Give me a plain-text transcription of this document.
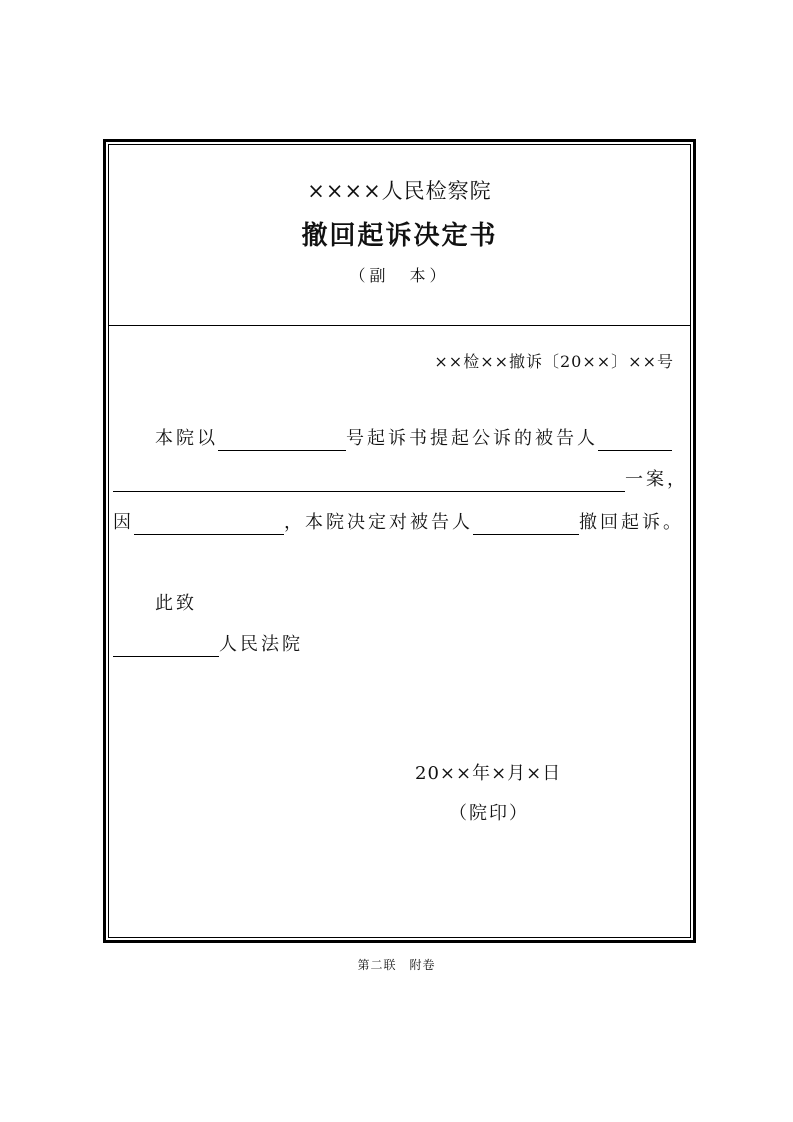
××××人民检察院
撤回起诉决定书
（副　本）
××检××撤诉〔20××〕××号
本院以	号起诉书提起公诉的被告人
一案，
因	，本院决定对被告人	撤回起诉。
此致
人民法院
20××年×月×日
（院印）
第二联　附卷
